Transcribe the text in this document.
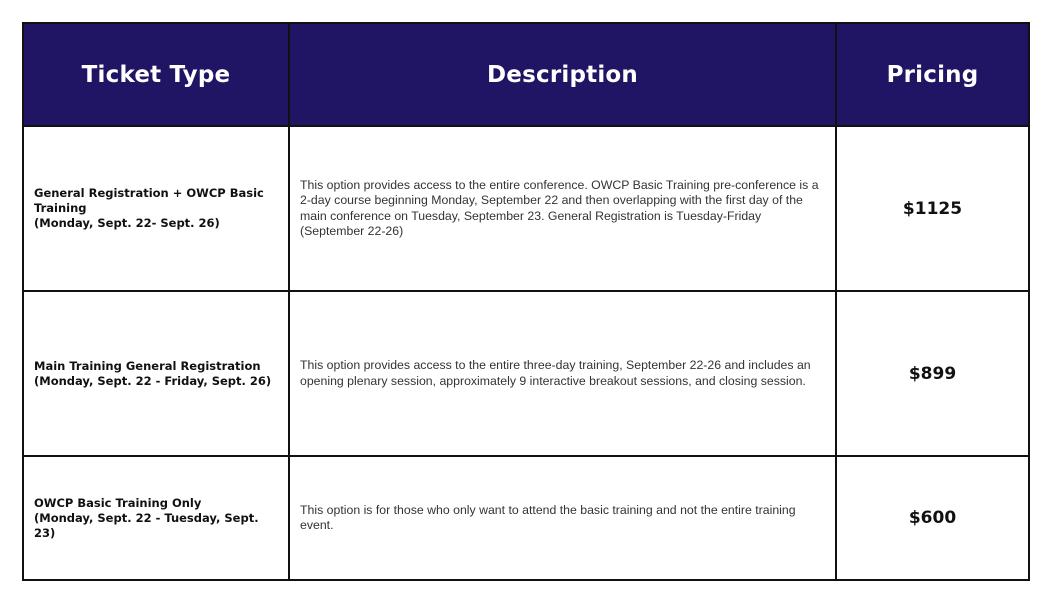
Ticket Type	Description	Pricing

General Registration + OWCP Basic Training
(Monday, Sept. 22- Sept. 26)	This option provides access to the entire conference. OWCP Basic Training pre-conference is a 2-day course beginning Monday, September 22 and then overlapping with the first day of the main conference on Tuesday, September 23. General Registration is Tuesday-Friday (September 22-26)	$1125

Main Training General Registration
(Monday, Sept. 22 - Friday, Sept. 26)	This option provides access to the entire three-day training, September 22-26 and includes an opening plenary session, approximately 9 interactive breakout sessions, and closing session.	$899

OWCP Basic Training Only
(Monday, Sept. 22 - Tuesday, Sept. 23)	This option is for those who only want to attend the basic training and not the entire training event.	$600
